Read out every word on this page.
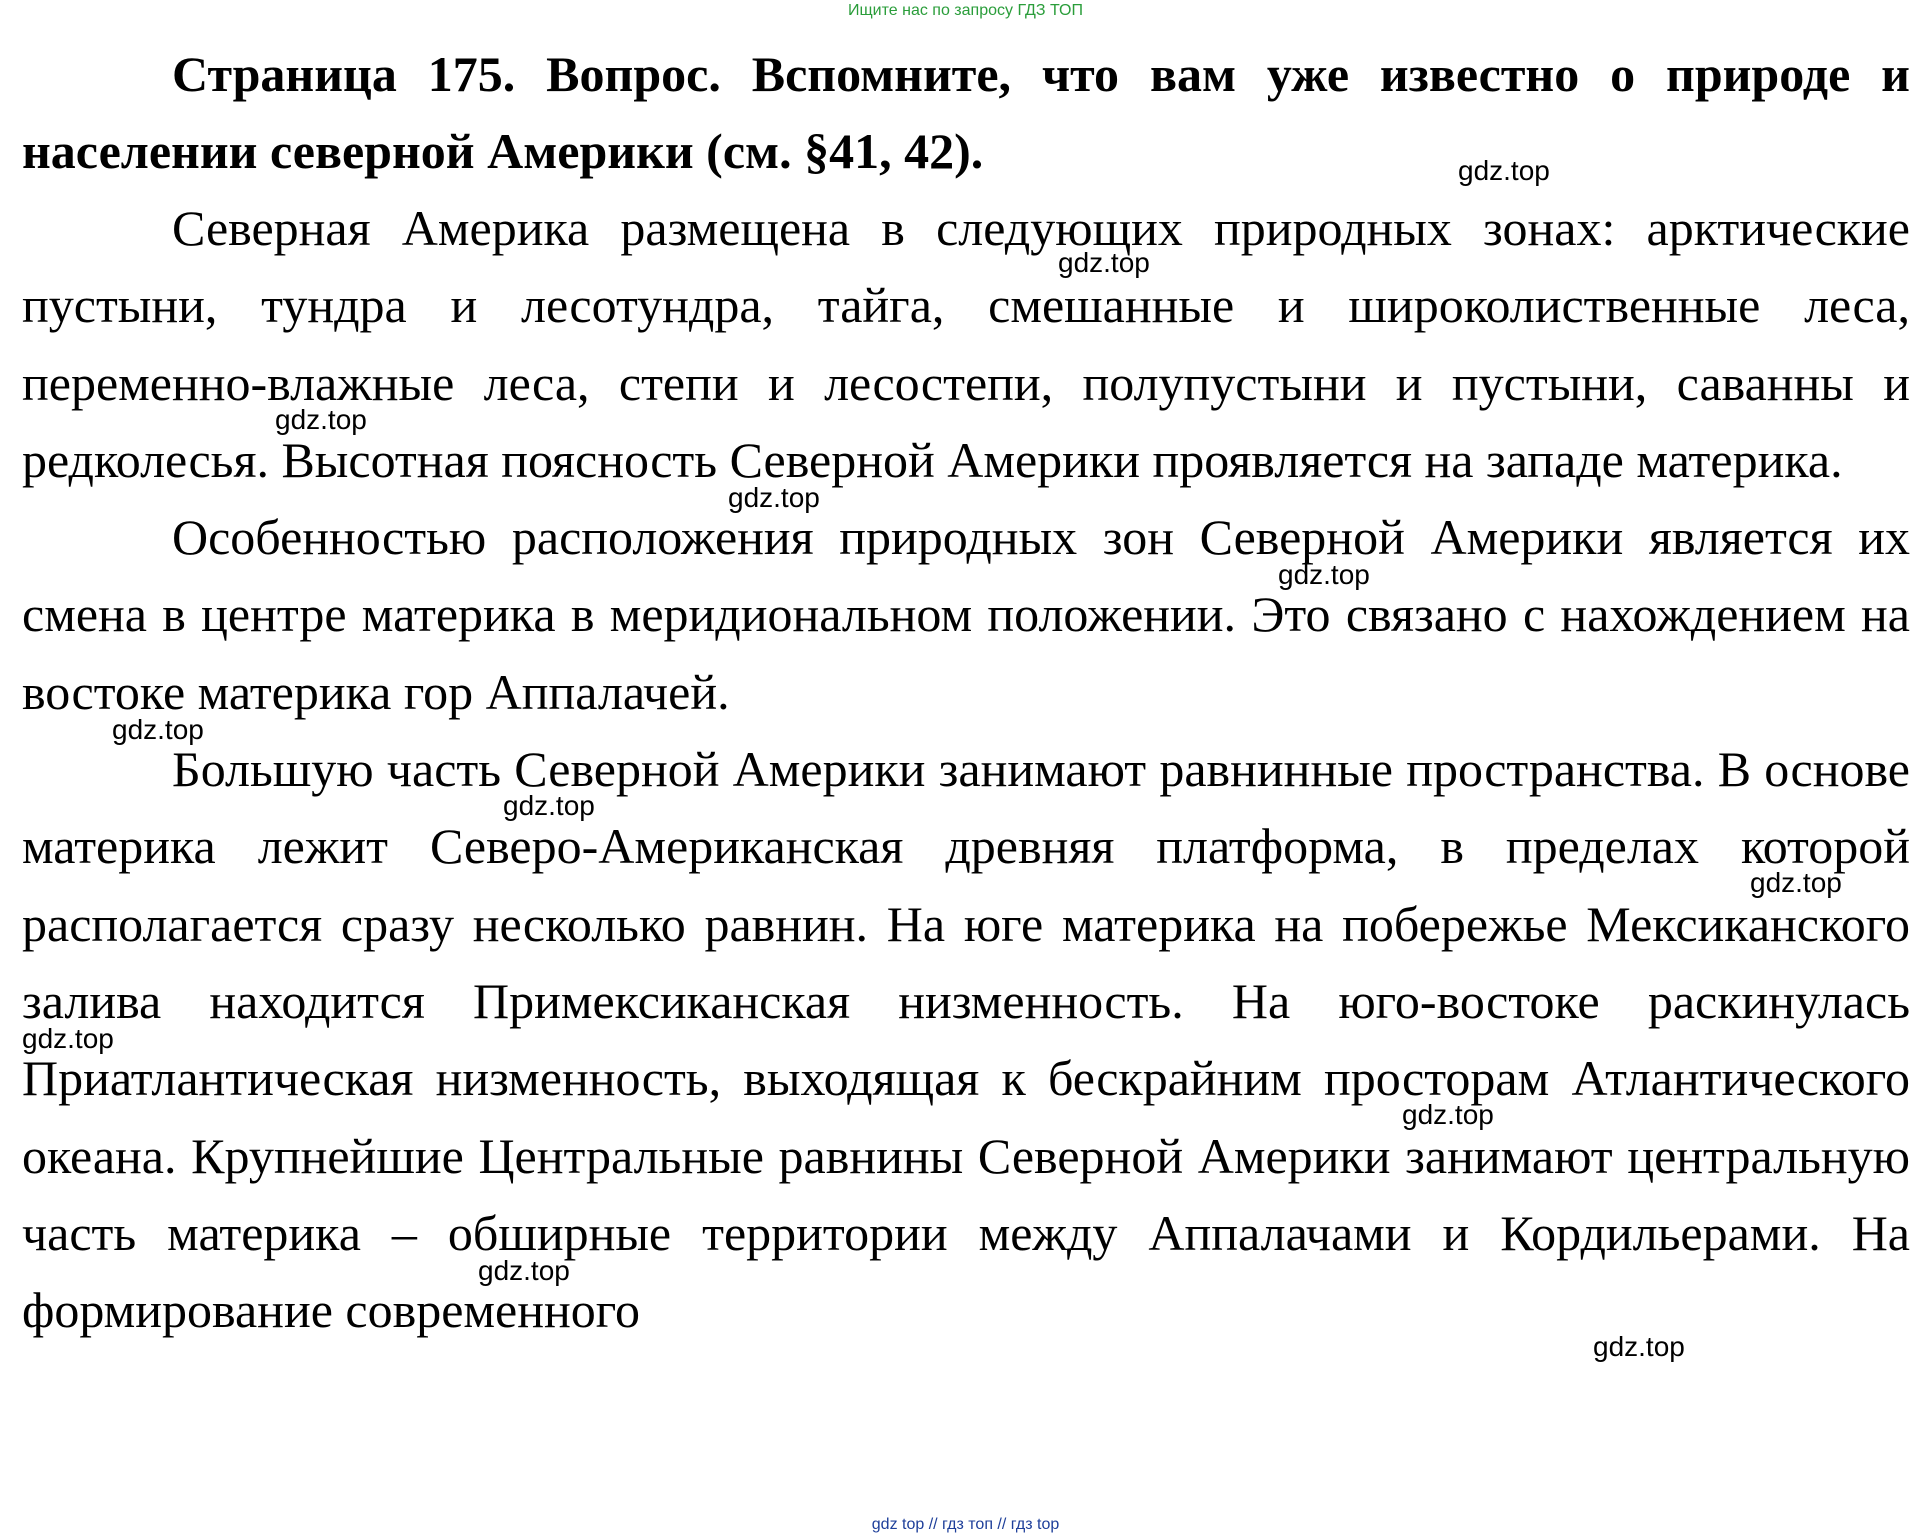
Ищите нас по запросу ГДЗ ТОП

Страница 175. Вопрос. Вспомните, что вам уже известно о природе и населении северной Америки (см. §41, 42).

Северная Америка размещена в следующих природных зонах: арктические пустыни, тундра и лесотундра, тайга, смешанные и широколиственные леса, переменно-влажные леса, степи и лесостепи, полупустыни и пустыни, саванны и редколесья. Высотная поясность Северной Америки проявляется на западе материка.

Особенностью расположения природных зон Северной Америки является их смена в центре материка в меридиональном положении. Это связано с нахождением на востоке материка гор Аппалачей.

Большую часть Северной Америки занимают равнинные пространства. В основе материка лежит Северо-Американская древняя платформа, в пределах которой располагается сразу несколько равнин. На юге материка на побережье Мексиканского залива находится Примексиканская низменность. На юго-востоке раскинулась Приатлантическая низменность, выходящая к бескрайним просторам Атлантического океана. Крупнейшие Центральные равнины Северной Америки занимают центральную часть материка – обширные территории между Аппалачами и Кордильерами. На формирование современного

gdz.top
gdz.top
gdz.top
gdz.top
gdz.top
gdz.top
gdz.top
gdz.top
gdz.top
gdz.top
gdz.top
gdz.top
gdz top // гдз топ // гдз top
